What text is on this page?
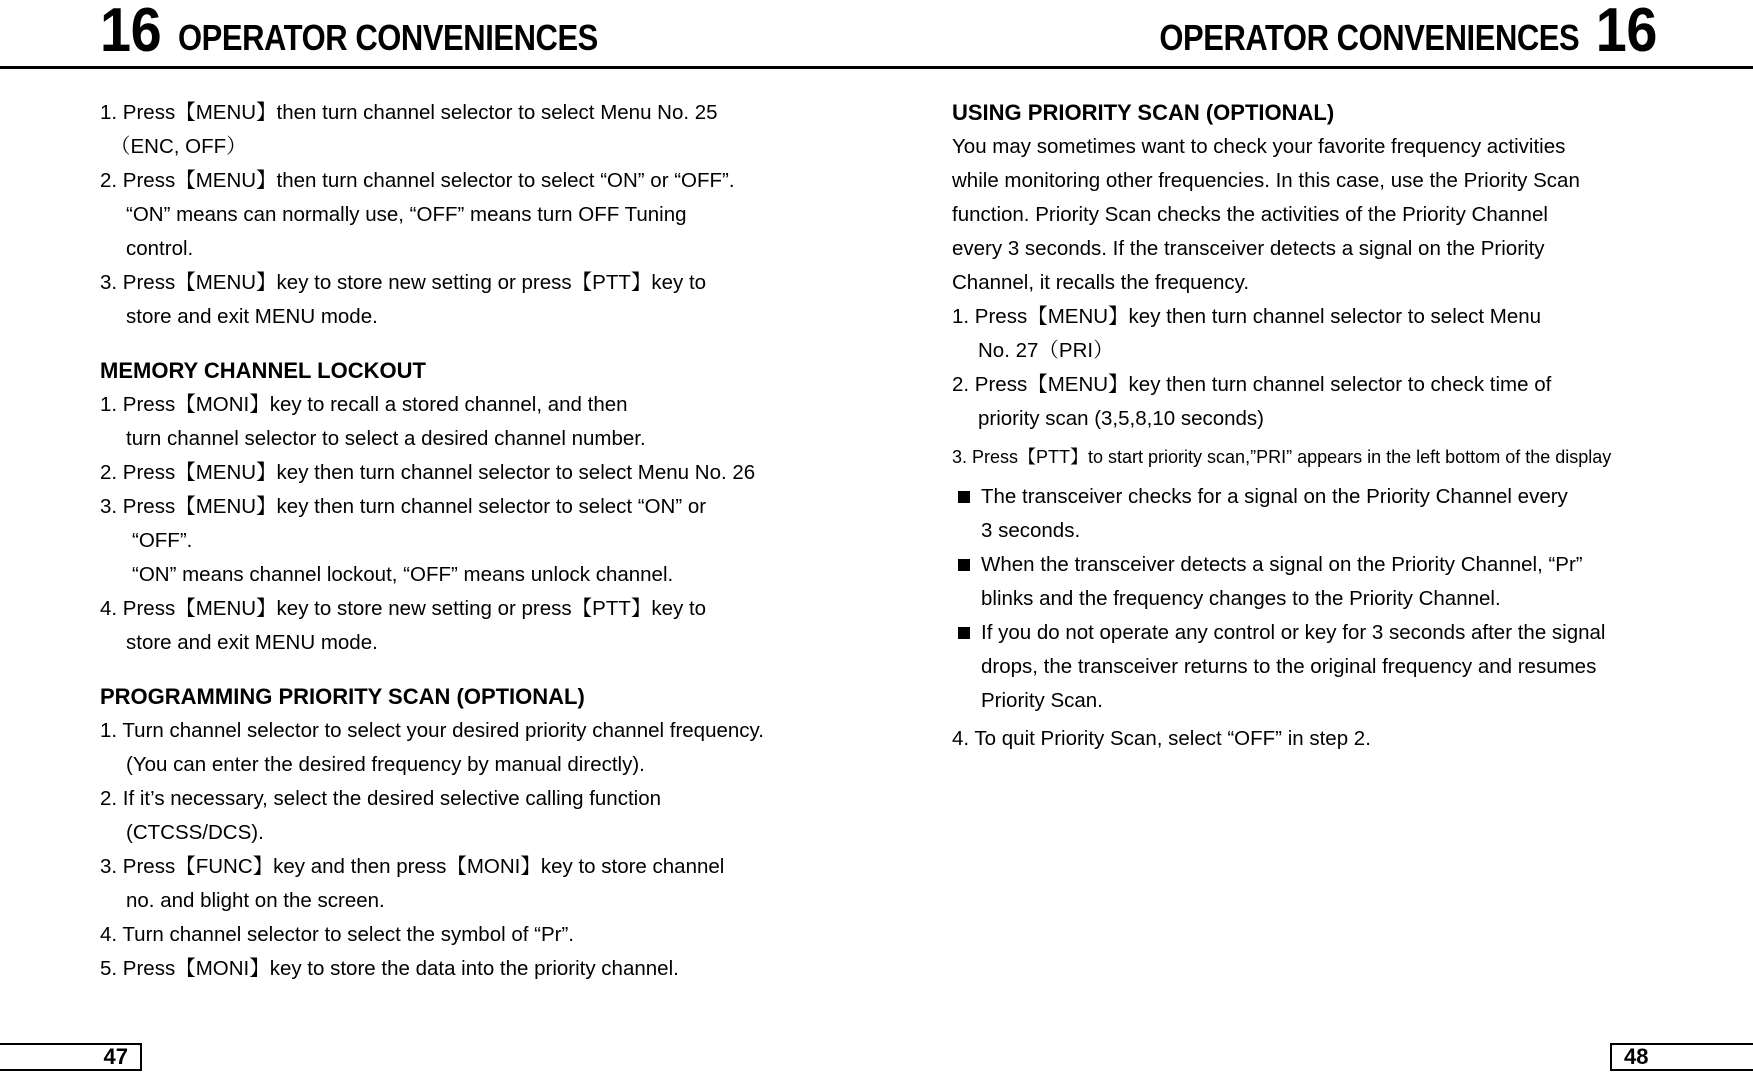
16 OPERATOR CONVENIENCES	OPERATOR CONVENIENCES 16
1. Press【MENU】then turn channel selector to select Menu No. 25
（ENC, OFF）
2. Press【MENU】then turn channel selector to select “ON” or “OFF”.
“ON” means can normally use, “OFF” means turn OFF Tuning
control.
3. Press【MENU】key to store new setting or press【PTT】key to
store and exit MENU mode.
MEMORY CHANNEL LOCKOUT
1. Press【MONI】key to recall a stored channel, and then
turn channel selector to select a desired channel number.
2. Press【MENU】key then turn channel selector to select Menu No. 26
3. Press【MENU】key then turn channel selector to select “ON” or
“OFF”.
“ON” means channel lockout, “OFF” means unlock channel.
4. Press【MENU】key to store new setting or press【PTT】key to
store and exit MENU mode.
PROGRAMMING PRIORITY SCAN (OPTIONAL)
1. Turn channel selector to select your desired priority channel frequency.
(You can enter the desired frequency by manual directly).
2. If it’s necessary, select the desired selective calling function
(CTCSS/DCS).
3. Press【FUNC】key and then press【MONI】key to store channel
no. and blight on the screen.
4. Turn channel selector to select the symbol of “Pr”.
5. Press【MONI】key to store the data into the priority channel.
USING PRIORITY SCAN (OPTIONAL)
You may sometimes want to check your favorite frequency activities
while monitoring other frequencies. In this case, use the Priority Scan
function. Priority Scan checks the activities of the Priority Channel
every 3 seconds. If the transceiver detects a signal on the Priority
Channel, it recalls the frequency.
1. Press【MENU】key then turn channel selector to select Menu
No. 27（PRI）
2. Press【MENU】key then turn channel selector to check time of
priority scan (3,5,8,10 seconds)
3. Press【PTT】to start priority scan,”PRI” appears in the left bottom of the display
The transceiver checks for a signal on the Priority Channel every
3 seconds.
When the transceiver detects a signal on the Priority Channel, “Pr”
blinks and the frequency changes to the Priority Channel.
If you do not operate any control or key for 3 seconds after the signal
drops, the transceiver returns to the original frequency and resumes
Priority Scan.
4. To quit Priority Scan, select “OFF” in step 2.
47	48
